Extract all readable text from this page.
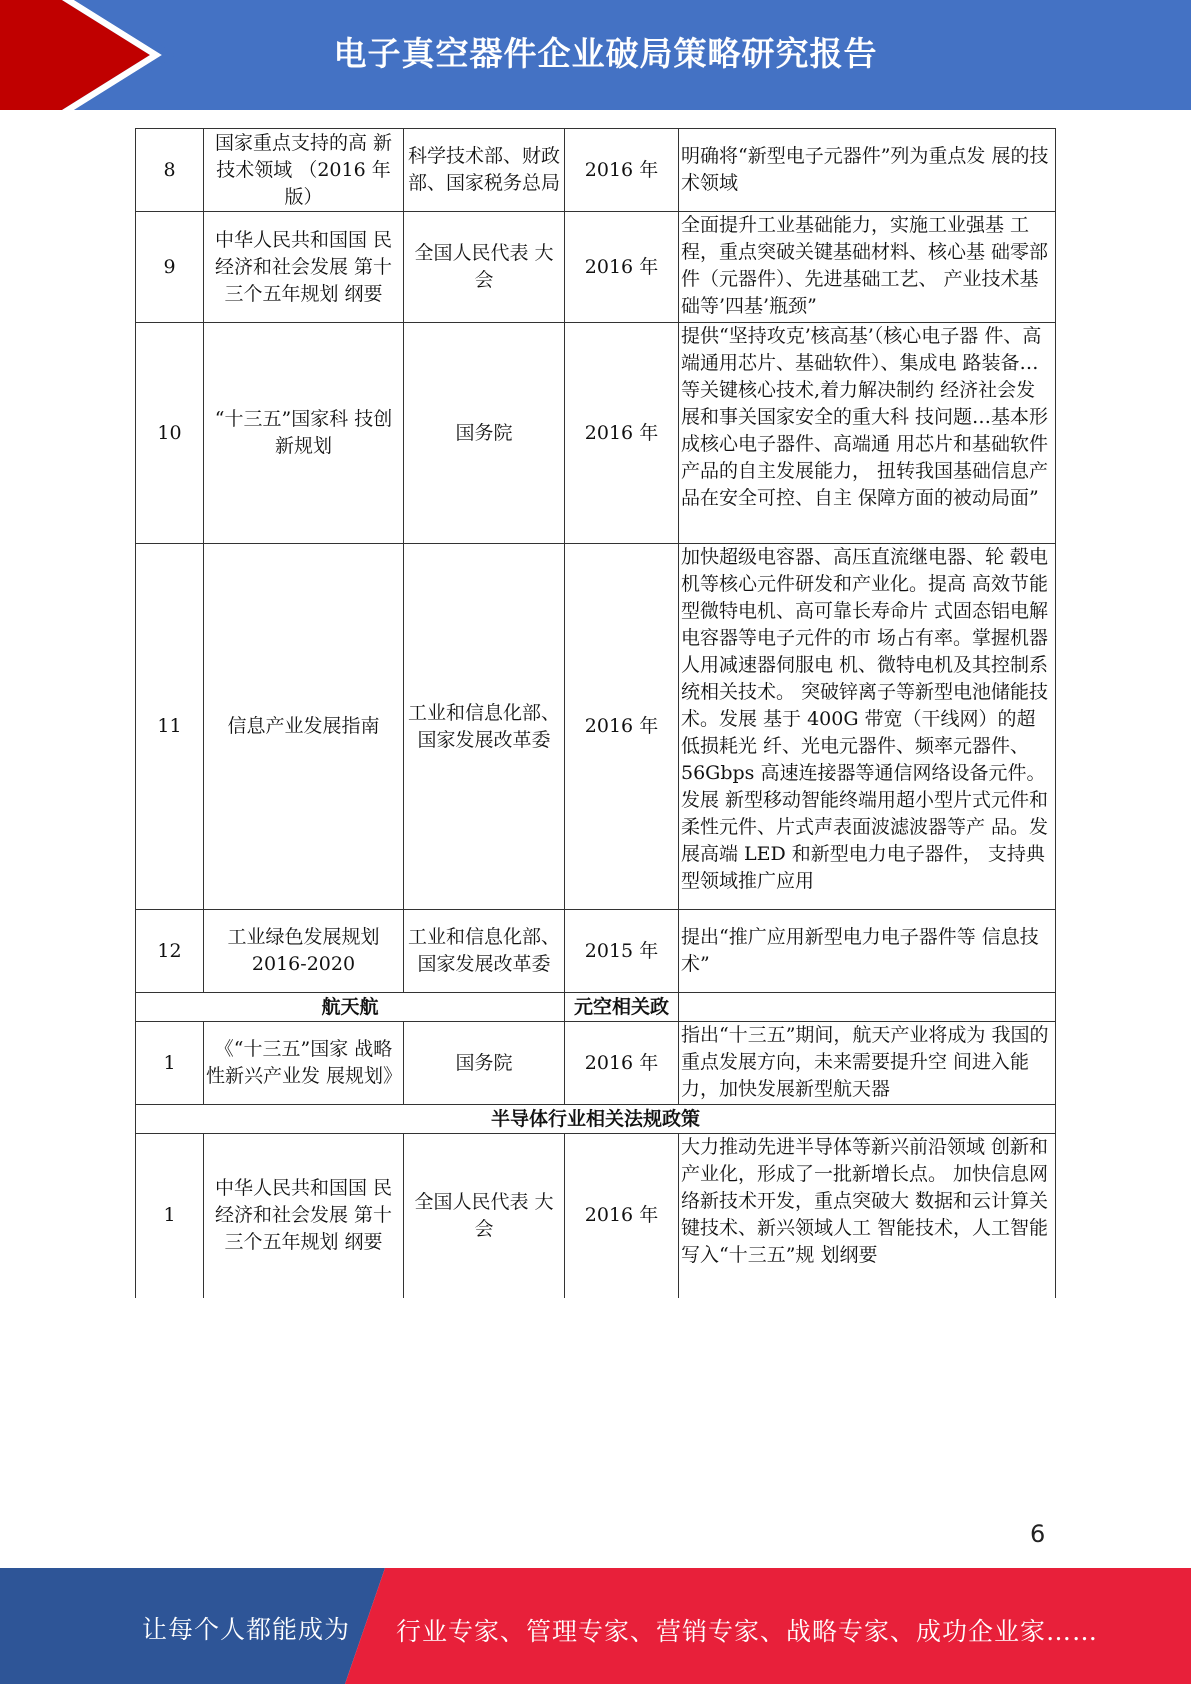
电子真空器件企业破局策略研究报告
8	国家重点支持的高 新技术领域 （2016 年版）	科学技术部、财政部、国家税务总局	2016 年	明确将“新型电子元器件”列为重点发 展的技术领域
9	中华人民共和国国 民经济和社会发展 第十三个五年规划 纲要	全国人民代表 大会	2016 年	全面提升工业基础能力，实施工业强基 工程，重点突破关键基础材料、核心基 础零部件（元器件）、先进基础工艺、 产业技术基础等’四基’瓶颈”
10	“十三五”国家科 技创新规划	国务院	2016 年	提供“坚持攻克’核高基’（核心电子器 件、高端通用芯片、基础软件）、集成电 路装备…等关键核心技术,着力解决制约 经济社会发展和事关国家安全的重大科 技问题…基本形成核心电子器件、高端通 用芯片和基础软件产品的自主发展能力， 扭转我国基础信息产品在安全可控、自主 保障方面的被动局面”
11	信息产业发展指南	工业和信息化部、国家发展改革委	2016 年	加快超级电容器、高压直流继电器、轮 毂电机等核心元件研发和产业化。提高 高效节能型微特电机、高可靠长寿命片 式固态铝电解电容器等电子元件的市 场占有率。掌握机器人用减速器伺服电 机、微特电机及其控制系统相关技术。 突破锌离子等新型电池储能技术。发展 基于 400G 带宽（干线网）的超低损耗光 纤、光电元器件、频率元器件、56Gbps 高速连接器等通信网络设备元件。发展 新型移动智能终端用超小型片式元件和柔性元件、片式声表面波滤波器等产 品。发展高端 LED 和新型电力电子器件， 支持典型领域推广应用
12	工业绿色发展规划 2016-2020	工业和信息化部、国家发展改革委	2015 年	提出“推广应用新型电力电子器件等 信息技术”
航天航			元空相关政	
1	《“十三五”国家 战略性新兴产业发 展规划》	国务院	2016 年	指出“十三五”期间，航天产业将成为 我国的重点发展方向，未来需要提升空 间进入能力，加快发展新型航天器
半导体行业相关法规政策				
1	中华人民共和国国 民经济和社会发展 第十三个五年规划 纲要	全国人民代表 大会	2016 年	大力推动先进半导体等新兴前沿领域 创新和产业化，形成了一批新增长点。 加快信息网络新技术开发，重点突破大 数据和云计算关键技术、新兴领域人工 智能技术，人工智能写入“十三五”规 划纲要
6
让每个人都能成为 行业专家、管理专家、营销专家、战略专家、成功企业家……
